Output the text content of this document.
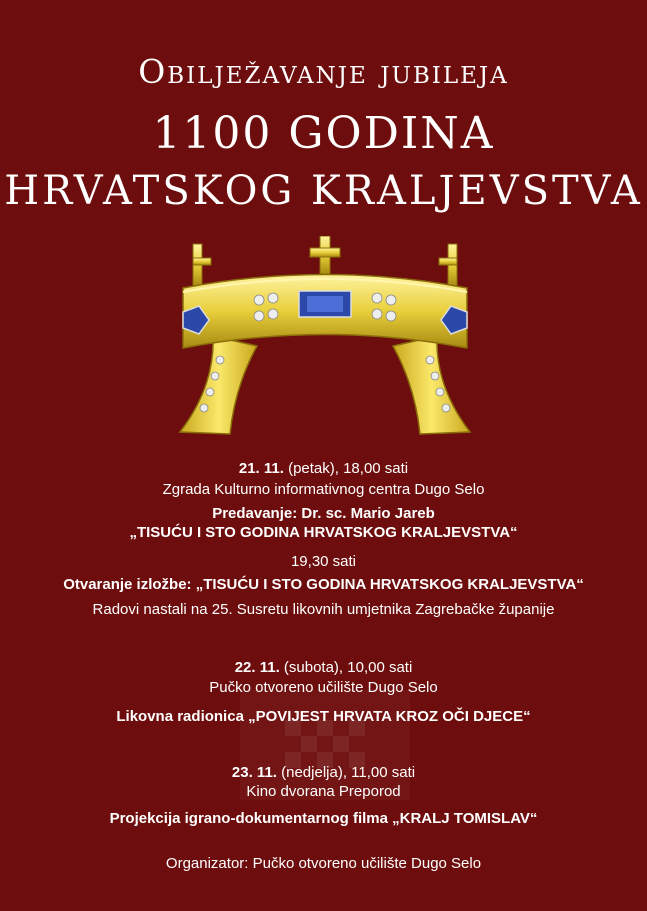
Obilježavanje jubileja
1100 GODINA
HRVATSKOG KRALJEVSTVA
21. 11. (petak), 18,00 sati
Zgrada Kulturno informativnog centra Dugo Selo
Predavanje: Dr. sc. Mario Jareb
„TISUĆU I STO GODINA HRVATSKOG KRALJEVSTVA“
19,30 sati
Otvaranje izložbe: „TISUĆU I STO GODINA HRVATSKOG KRALJEVSTVA“
Radovi nastali na 25. Susretu likovnih umjetnika Zagrebačke županije
22. 11. (subota), 10,00 sati
Pučko otvoreno učilište Dugo Selo
Likovna radionica „POVIJEST HRVATA KROZ OČI DJECE“
23. 11. (nedjelja), 11,00 sati
Kino dvorana Preporod
Projekcija igrano-dokumentarnog filma „KRALJ TOMISLAV“
Organizator: Pučko otvoreno učilište Dugo Selo
